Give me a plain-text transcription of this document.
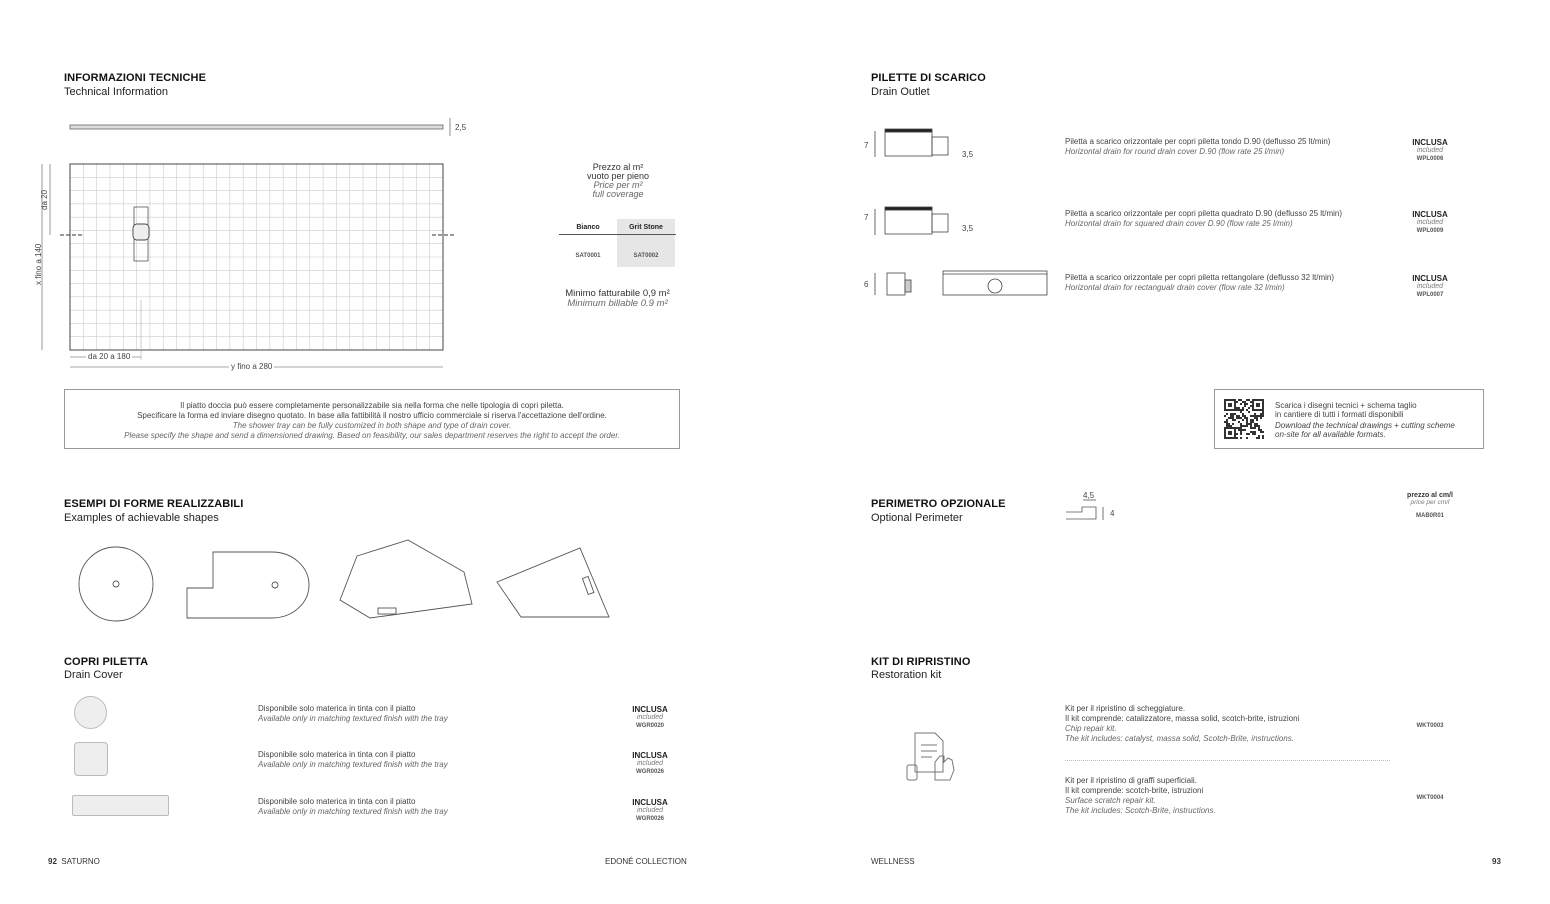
INFORMAZIONI TECNICHE
Technical Information
2,5
da 20
x fino a 140
da 20 a 180
y fino a 280
Prezzo al m²
vuoto per pieno
Price per m²
full coverage
Bianco	Grit Stone
SAT0001	SAT0002
Minimo fatturabile 0,9 m²
Minimum billable 0.9 m²
Il piatto doccia può essere completamente personalizzabile sia nella forma che nelle tipologia di copri piletta.
Specificare la forma ed inviare disegno quotato. In base alla fattibilità il nostro ufficio commerciale si riserva l'accettazione dell'ordine.
The shower tray can be fully customized in both shape and type of drain cover.
Please specify the shape and send a dimensioned drawing. Based on feasibility, our sales department reserves the right to accept the order.
ESEMPI DI FORME REALIZZABILI
Examples of achievable shapes
COPRI PILETTA
Drain Cover
Disponibile solo materica in tinta con il piatto
Available only in matching textured finish with the tray
INCLUSA
included
WGR0020
Disponibile solo materica in tinta con il piatto
Available only in matching textured finish with the tray
INCLUSA
included
WGR0026
Disponibile solo materica in tinta con il piatto
Available only in matching textured finish with the tray
INCLUSA
included
WGR0026
92 SATURNO	EDONÉ COLLECTION
PILETTE DI SCARICO
Drain Outlet
Piletta a scarico orizzontale per copri piletta tondo D.90 (deflusso 25 lt/min)
Horizontal drain for round drain cover D.90 (flow rate 25 l/min)
INCLUSA
included
WPL0006
Piletta a scarico orizzontale per copri piletta quadrato D.90 (deflusso 25 lt/min)
Horizontal drain for squared drain cover D.90 (flow rate 25 l/min)
INCLUSA
included
WPL0009
Piletta a scarico orizzontale per copri piletta rettangolare (deflusso 32 lt/min)
Horizontal drain for rectangualr drain cover (flow rate 32 l/min)
INCLUSA
included
WPL0007
7
3,5
7
3,5
6
Scarica i disegni tecnici + schema taglio
in cantiere di tutti i formati disponibili
Download the technical drawings + cutting scheme
on-site for all available formats.
PERIMETRO OPZIONALE
Optional Perimeter
4,5
4
prezzo al cm/l
price per cm/l
MAB0R01
KIT DI RIPRISTINO
Restoration kit
Kit per il ripristino di scheggiature.
Il kit comprende: catalizzatore, massa solid, scotch-brite, istruzioni
Chip repair kit.
The kit includes: catalyst, massa solid, Scotch-Brite, instructions.
WKT0003
Kit per il ripristino di graffi superficiali.
Il kit comprende: scotch-brite, istruzioni
Surface scratch repair kit.
The kit includes: Scotch-Brite, instructions.
WKT0004
WELLNESS	93
